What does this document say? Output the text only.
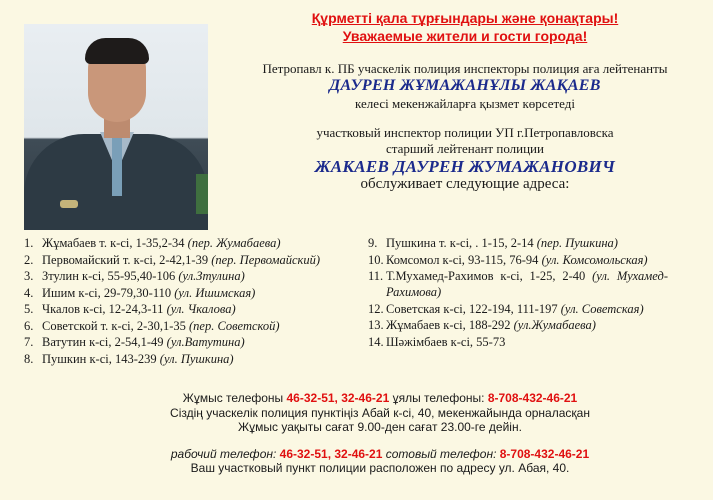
Құрметті қала тұрғындары және қонақтары!
Уважаемые жители и гости города!
Петропавл к. ПБ учаскелік полиция инспекторы полиция аға лейтенанты
ДАУРЕН ЖҰМАЖАНҰЛЫ ЖАҚАЕВ
келесі мекенжайларға қызмет көрсетеді
участковый инспектор полиции УП г.Петропавловска
старший лейтенант полиции
ЖАКАЕВ ДАУРЕН ЖУМАЖАНОВИЧ
обслуживает следующие адреса:
1. Жұмабаев т. к-сі, 1-35,2-34 (пер. Жумабаева)
2. Первомайский т. к-сі, 2-42,1-39 (пер. Первомайский)
3. Зтулин к-сі, 55-95,40-106 (ул.Зтулина)
4. Ишим к-сі, 29-79,30-110 (ул. Ишимская)
5. Чкалов к-сі, 12-24,3-11 (ул. Чкалова)
6. Советской т. к-сі, 2-30,1-35 (пер. Советской)
7. Ватутин к-сі, 2-54,1-49 (ул.Ватутина)
8. Пушкин к-сі, 143-239 (ул. Пушкина)
9. Пушкина т. к-сі, . 1-15, 2-14 (пер. Пушкина)
10. Комсомол к-сі, 93-115, 76-94 (ул. Комсомольская)
11. Т.Мухамед-Рахимов к-сі, 1-25, 2-40 (ул. Мухамед-Рахимова)
12. Советская к-сі, 122-194, 111-197 (ул. Советская)
13. Жұмабаев к-сі, 188-292 (ул.Жумабаева)
14. Шәжімбаев к-сі, 55-73
Жұмыс телефоны 46-32-51, 32-46-21 ұялы телефоны: 8-708-432-46-21
Сіздің учаскелік полиция пунктіңіз Абай к-сі, 40, мекенжайында орналасқан
Жұмыс уақыты сағат 9.00-ден сағат 23.00-ге дейін.
рабочий телефон: 46-32-51, 32-46-21 сотовый телефон: 8-708-432-46-21
Ваш участковый пункт полиции расположен по адресу ул. Абая, 40.
